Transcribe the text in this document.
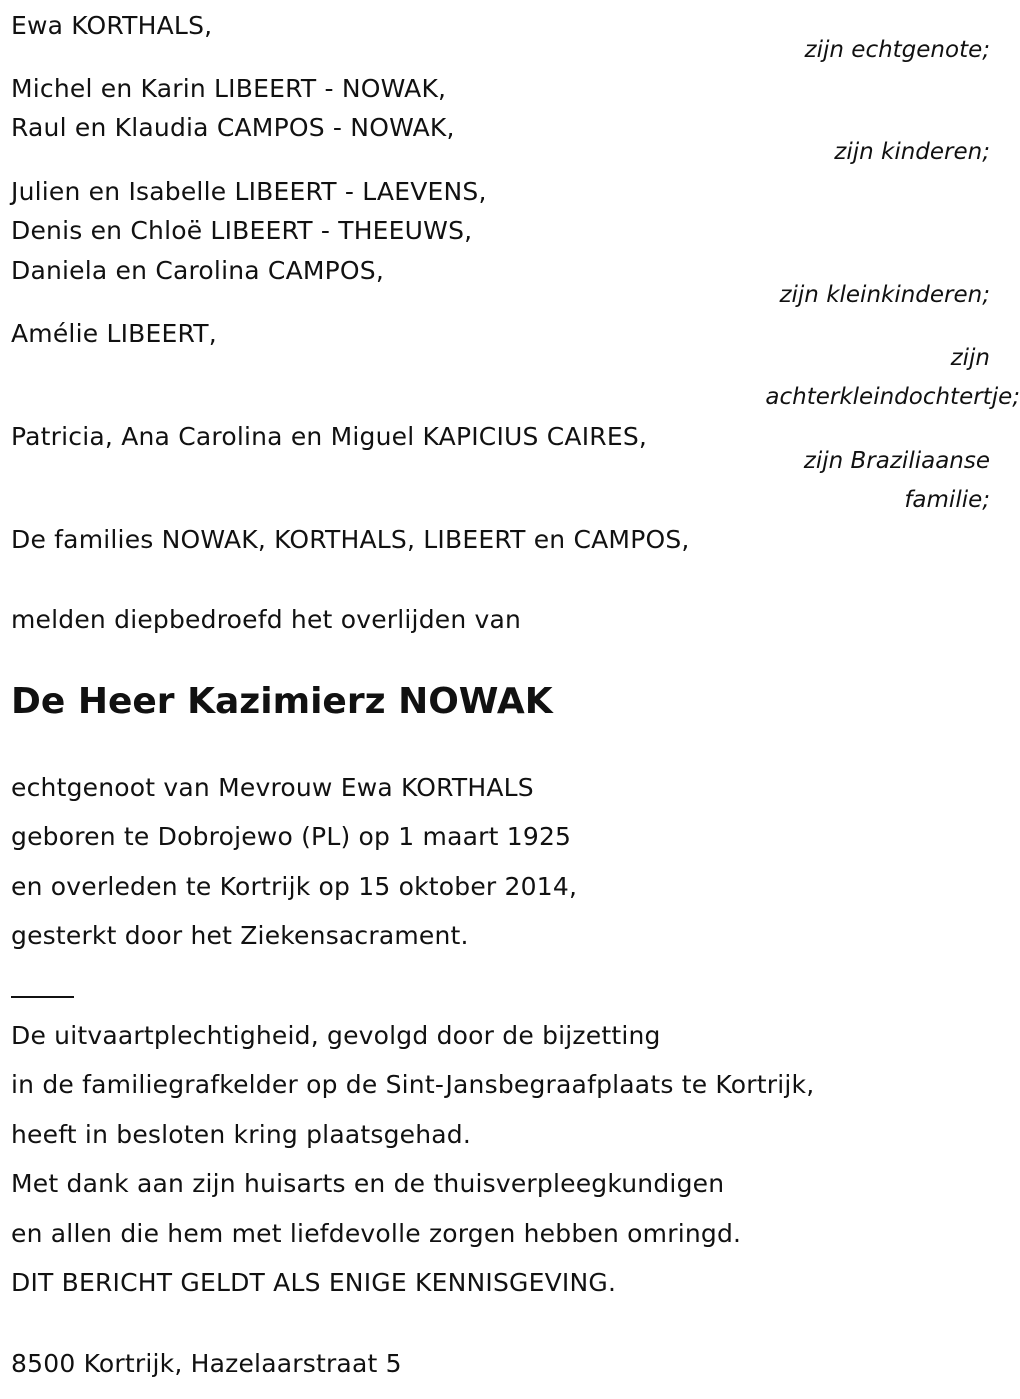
Ewa KORTHALS,
zijn echtgenote;
Michel en Karin LIBEERT - NOWAK,
Raul en Klaudia CAMPOS - NOWAK,
zijn kinderen;
Julien en Isabelle LIBEERT - LAEVENS,
Denis en Chloë LIBEERT - THEEUWS,
Daniela en Carolina CAMPOS,
zijn kleinkinderen;
Amélie LIBEERT,
zijn
achterkleindochtertje;
Patricia, Ana Carolina en Miguel KAPICIUS CAIRES,
zijn Braziliaanse
familie;
De families NOWAK, KORTHALS, LIBEERT en CAMPOS,
melden diepbedroefd het overlijden van
De Heer Kazimierz NOWAK
echtgenoot van Mevrouw Ewa KORTHALS
geboren te Dobrojewo (PL) op 1 maart 1925
en overleden te Kortrijk op 15 oktober 2014,
gesterkt door het Ziekensacrament.
De uitvaartplechtigheid, gevolgd door de bijzetting
in de familiegrafkelder op de Sint-Jansbegraafplaats te Kortrijk,
heeft in besloten kring plaatsgehad.
Met dank aan zijn huisarts en de thuisverpleegkundigen
en allen die hem met liefdevolle zorgen hebben omringd.
DIT BERICHT GELDT ALS ENIGE KENNISGEVING.
8500 Kortrijk, Hazelaarstraat 5
